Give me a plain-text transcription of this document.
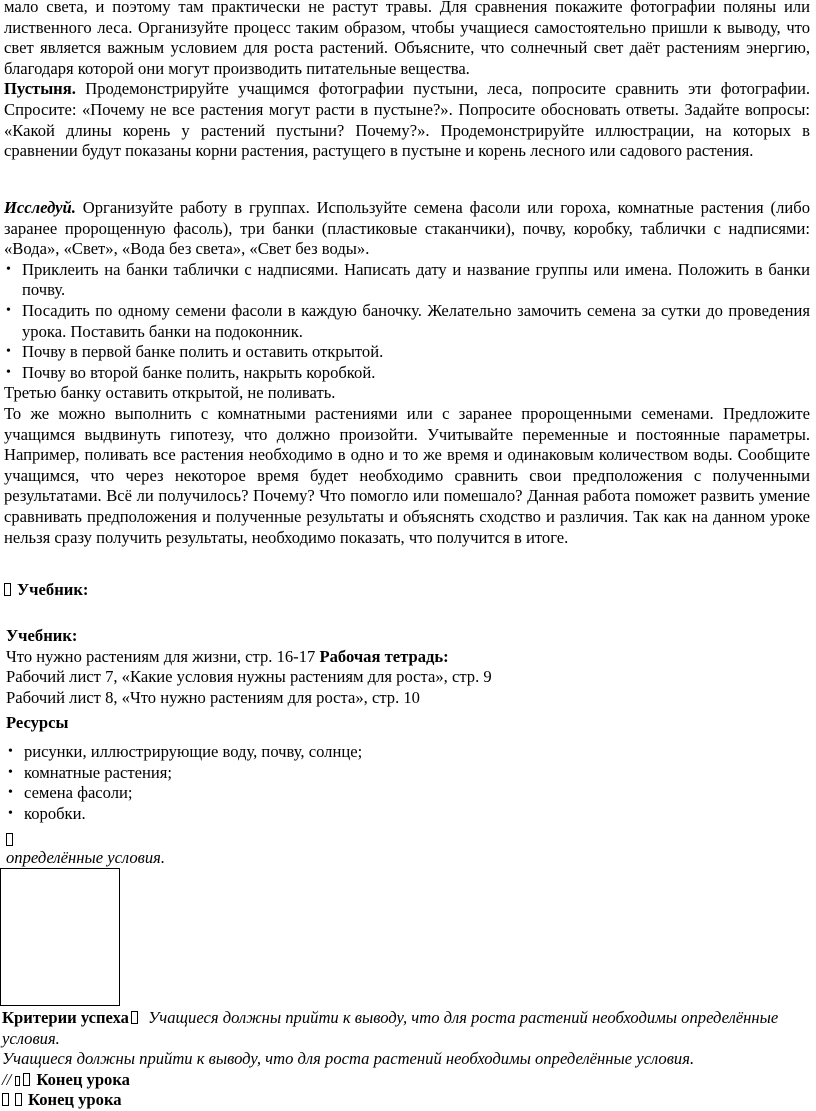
мало света, и поэтому там практически не растут травы. Для сравнения покажите фотографии поляны или лиственного леса. Организуйте процесс таким образом, чтобы учащиеся самостоятельно пришли к выводу, что свет является важным условием для роста растений. Объясните, что солнечный свет даёт растениям энергию, благодаря которой они могут производить питательные вещества.

Пустыня. Продемонстрируйте учащимся фотографии пустыни, леса, попросите сравнить эти фотографии. Спросите: «Почему не все растения могут расти в пустыне?». Попросите обосновать ответы. Задайте вопросы: «Какой длины корень у растений пустыни? Почему?». Продемонстрируйте иллюстрации, на которых в сравнении будут показаны корни растения, растущего в пустыне и корень лесного или садового растения.

Исследуй. Организуйте работу в группах. Используйте семена фасоли или гороха, комнатные растения (либо заранее пророщенную фасоль), три банки (пластиковые стаканчики), почву, коробку, таблички с надписями: «Вода», «Свет», «Вода без света», «Свет без воды».

• Приклеить на банки таблички с надписями. Написать дату и название группы или имена. Положить в банки почву.
• Посадить по одному семени фасоли в каждую баночку. Желательно замочить семена за сутки до проведения урока. Поставить банки на подоконник.
• Почву в первой банке полить и оставить открытой.
• Почву во второй банке полить, накрыть коробкой.

Третью банку оставить открытой, не поливать.

То же можно выполнить с комнатными растениями или с заранее пророщенными семенами. Предложите учащимся выдвинуть гипотезу, что должно произойти. Учитывайте переменные и постоянные параметры. Например, поливать все растения необходимо в одно и то же время и одинаковым количеством воды. Сообщите учащимся, что через некоторое время будет необходимо сравнить свои предположения с полученными результатами. Всё ли получилось? Почему? Что помогло или помешало? Данная работа поможет развить умение сравнивать предположения и полученные результаты и объяснять сходство и различия. Так как на данном уроке нельзя сразу получить результаты, необходимо показать, что получится в итоге.

Учебник:

Учебник:

Что нужно растениям для жизни, стр. 16-17 Рабочая тетрадь:

Рабочий лист 7, «Какие условия нужны растениям для роста», стр. 9

Рабочий лист 8, «Что нужно растениям для роста», стр. 10

Ресурсы
• рисунки, иллюстрирующие воду, почву, солнце;
• комнатные растения;
• семена фасоли;
• коробки.
определённые условия.

Критерии успеха Учащиеся должны прийти к выводу, что для роста растений необходимы определённые условия.

Учащиеся должны прийти к выводу, что для роста растений необходимы определённые условия.

// Конец урока

Конец урока
